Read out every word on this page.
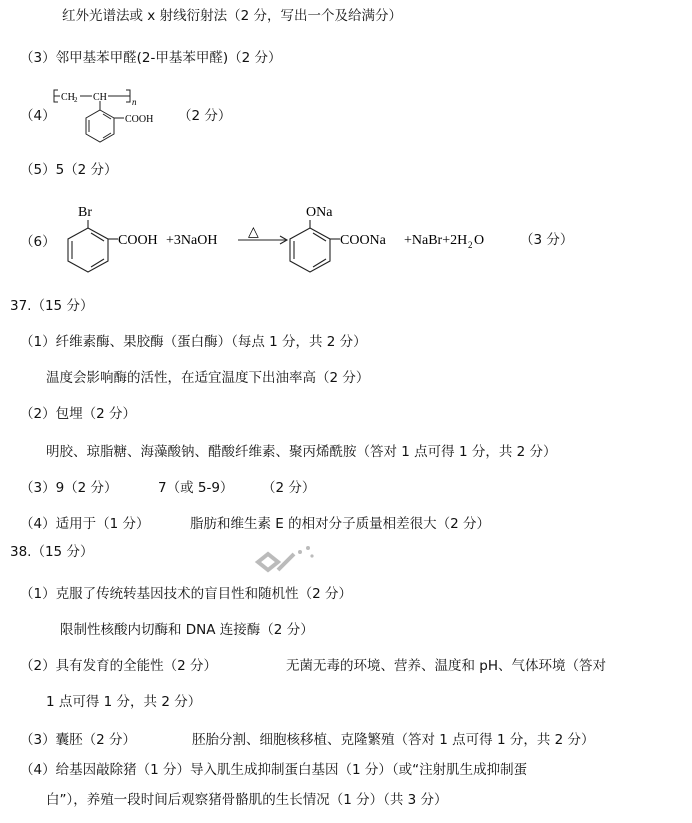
红外光谱法或 x 射线衍射法（2 分，写出一个及给满分）
（3）邻甲基苯甲醛(2-甲基苯甲醛)（2 分）
（4）
CH 2 CH	n
COOH （2 分）
（5）5（2 分）
（6）
Br
COOH +3NaOH
△
ONa
COONa +NaBr+2H 2 O	（3 分）
37.（15 分）
（1）纤维素酶、果胶酶（蛋白酶）（每点 1 分，共 2 分）
温度会影响酶的活性，在适宜温度下出油率高（2 分）
（2）包埋（2 分）
明胶、琼脂糖、海藻酸钠、醋酸纤维素、聚丙烯酰胺（答对 1 点可得 1 分，共 2 分）
（3）9（2 分）	7（或 5-9） （2 分）
（4）适用于（1 分）	脂肪和维生素 E 的相对分子质量相差很大（2 分）
38.（15 分）
（1）克服了传统转基因技术的盲目性和随机性（2 分）
限制性核酸内切酶和 DNA 连接酶（2 分）
（2）具有发育的全能性（2 分）	无菌无毒的环境、营养、温度和 pH、气体环境（答对
1 点可得 1 分，共 2 分）
（3）囊胚（2 分）	胚胎分割、细胞核移植、克隆繁殖（答对 1 点可得 1 分，共 2 分）
（4）给基因敲除猪（1 分）导入肌生成抑制蛋白基因（1 分）（或“注射肌生成抑制蛋
白”），养殖一段时间后观察猪骨骼肌的生长情况（1 分）（共 3 分）
